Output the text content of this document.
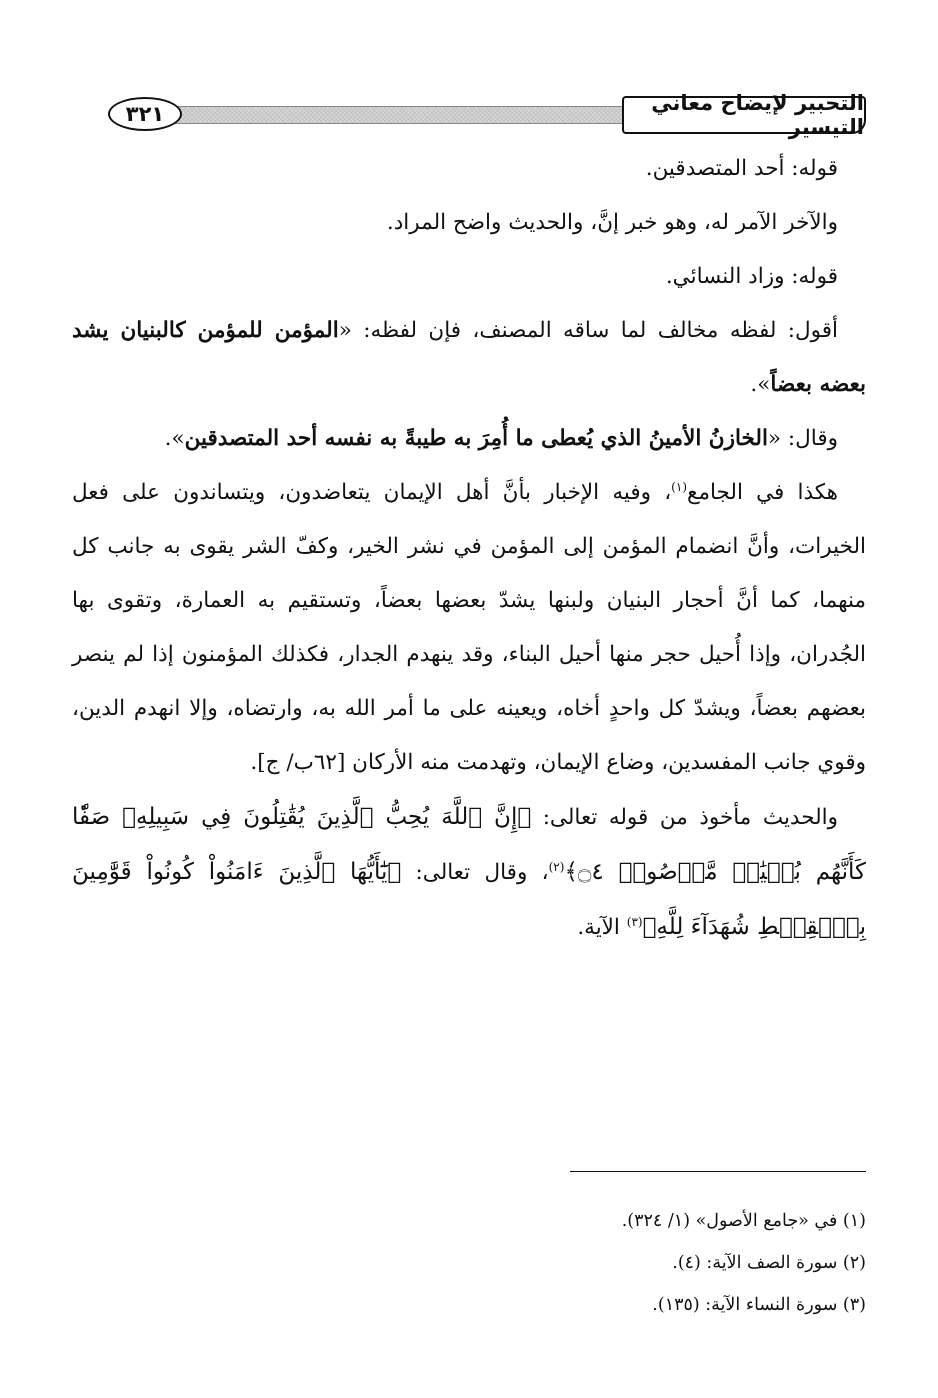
التحبير لإيضاح معاني التيسير
٣٢١

قوله: أحد المتصدقين.

والآخر الآمر له، وهو خبر إنَّ، والحديث واضح المراد.

قوله: وزاد النسائي.

أقول: لفظه مخالف لما ساقه المصنف، فإن لفظه: «المؤمن للمؤمن كالبنيان يشد بعضه بعضاً».

وقال: «الخازنُ الأمينُ الذي يُعطى ما أُمِرَ به طيبةً به نفسه أحد المتصدقين».

هكذا في الجامع$^{(١)}$، وفيه الإخبار بأنَّ أهل الإيمان يتعاضدون، ويتساندون على فعل الخيرات، وأنَّ انضمام المؤمن إلى المؤمن في نشر الخير، وكفّ الشر يقوى به جانب كل منهما، كما أنَّ أحجار البنيان ولبنها يشدّ بعضها بعضاً، وتستقيم به العمارة، وتقوى بها الجُدران، وإذا أُحيل حجر منها أحيل البناء، وقد ينهدم الجدار، فكذلك المؤمنون إذا لم ينصر بعضهم بعضاً، ويشدّ كل واحدٍ أخاه، ويعينه على ما أمر الله به، وارتضاه، وإلا انهدم الدين، وقوي جانب المفسدين، وضاع الإيمان، وتهدمت منه الأركان [٦٢ب/ ج].

والحديث مأخوذ من قوله تعالى: ﴿إِنَّ ٱللَّهَ يُحِبُّ ٱلَّذِينَ يُقَٰتِلُونَ فِي سَبِيلِهِۦ صَفّٗا كَأَنَّهُم بُنۡيَٰنٞ مَّرۡصُوصٞ ۝٤﴾$^{(٢)}$، وقال تعالى: ﴿يَٰٓأَيُّهَا ٱلَّذِينَ ءَامَنُواْ كُونُواْ قَوَّٰمِينَ بِٱلۡقِسۡطِ شُهَدَآءَ لِلَّهِ﴾$^{(٣)}$ الآية.

(١) في «جامع الأصول» (١/ ٣٢٤).

(٢) سورة الصف الآية: (٤).

(٣) سورة النساء الآية: (١٣٥).
